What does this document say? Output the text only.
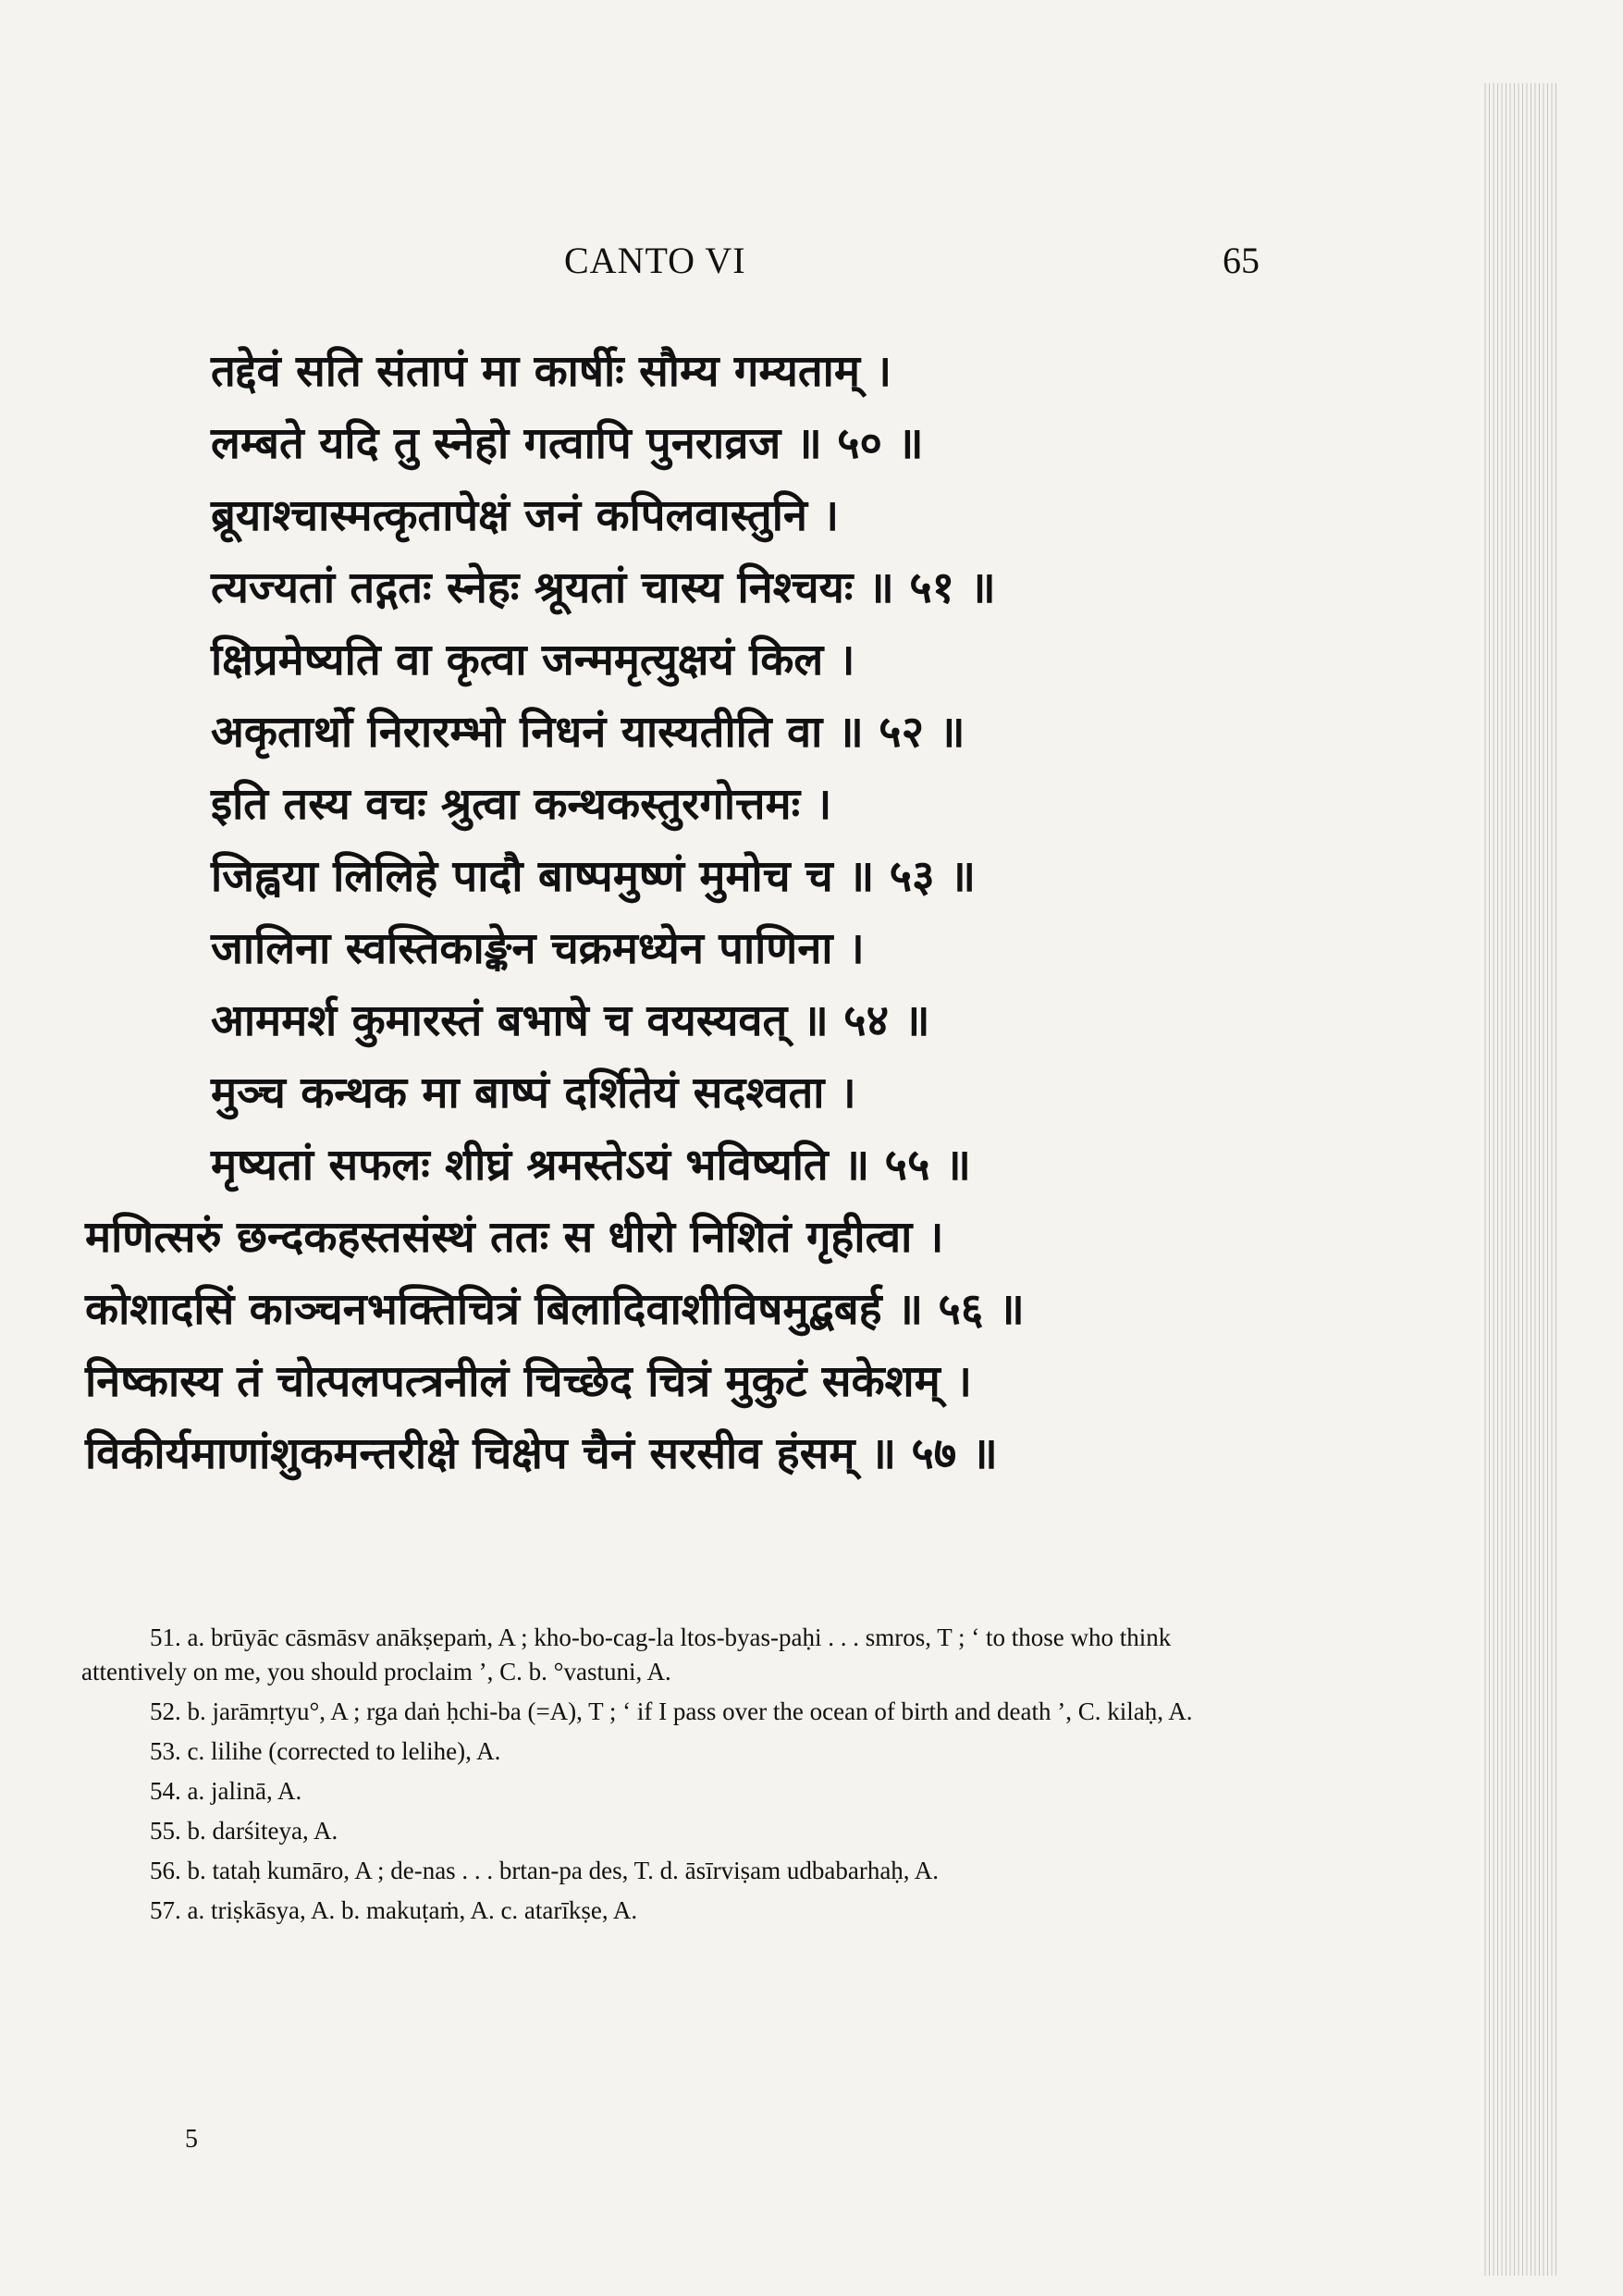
CANTO VI	65
तद्देवं सति संतापं मा कार्षीः सौम्य गम्यताम् ।
लम्बते यदि तु स्नेहो गत्वापि पुनराव्रज ॥ ५० ॥
ब्रूयाश्चास्मत्कृतापेक्षं जनं कपिलवास्तुनि ।
त्यज्यतां तद्गतः स्नेहः श्रूयतां चास्य निश्चयः ॥ ५१ ॥
क्षिप्रमेष्यति वा कृत्वा जन्ममृत्युक्षयं किल ।
अकृतार्थो निरारम्भो निधनं यास्यतीति वा ॥ ५२ ॥
इति तस्य वचः श्रुत्वा कन्थकस्तुरगोत्तमः ।
जिह्वया लिलिहे पादौ बाष्पमुष्णं मुमोच च ॥ ५३ ॥
जालिना स्वस्तिकाङ्केन चक्रमध्येन पाणिना ।
आममर्श कुमारस्तं बभाषे च वयस्यवत् ॥ ५४ ॥
मुञ्च कन्थक मा बाष्पं दर्शितेयं सदश्वता ।
मृष्यतां सफलः शीघ्रं श्रमस्तेऽयं भविष्यति ॥ ५५ ॥
मणित्सरुं छन्दकहस्तसंस्थं ततः स धीरो निशितं गृहीत्वा ।
कोशादसिं काञ्चनभक्तिचित्रं बिलादिवाशीविषमुद्बबर्ह ॥ ५६ ॥
निष्कास्य तं चोत्पलपत्त्रनीलं चिच्छेद चित्रं मुकुटं सकेशम् ।
विकीर्यमाणांशुकमन्तरीक्षे चिक्षेप चैनं सरसीव हंसम् ॥ ५७ ॥

51. a. brūyāc cāsmāsv anākṣepaṁ, A ; kho-bo-cag-la ltos-byas-paḥi . . . smros, T ; ‘ to those who think attentively on me, you should proclaim ’, C. b. °vastuni, A.

52. b. jarāmṛtyu°, A ; rga daṅ ḥchi-ba (=A), T ; ‘ if I pass over the ocean of birth and death ’, C. kilaḥ, A.

53. c. lilihe (corrected to lelihe), A.

54. a. jalinā, A.

55. b. darśiteya, A.

56. b. tataḥ kumāro, A ; de-nas . . . brtan-pa des, T. d. āsīrviṣam udbabarhaḥ, A.

57. a. triṣkāsya, A. b. makuṭaṁ, A. c. atarīkṣe, A.

5
